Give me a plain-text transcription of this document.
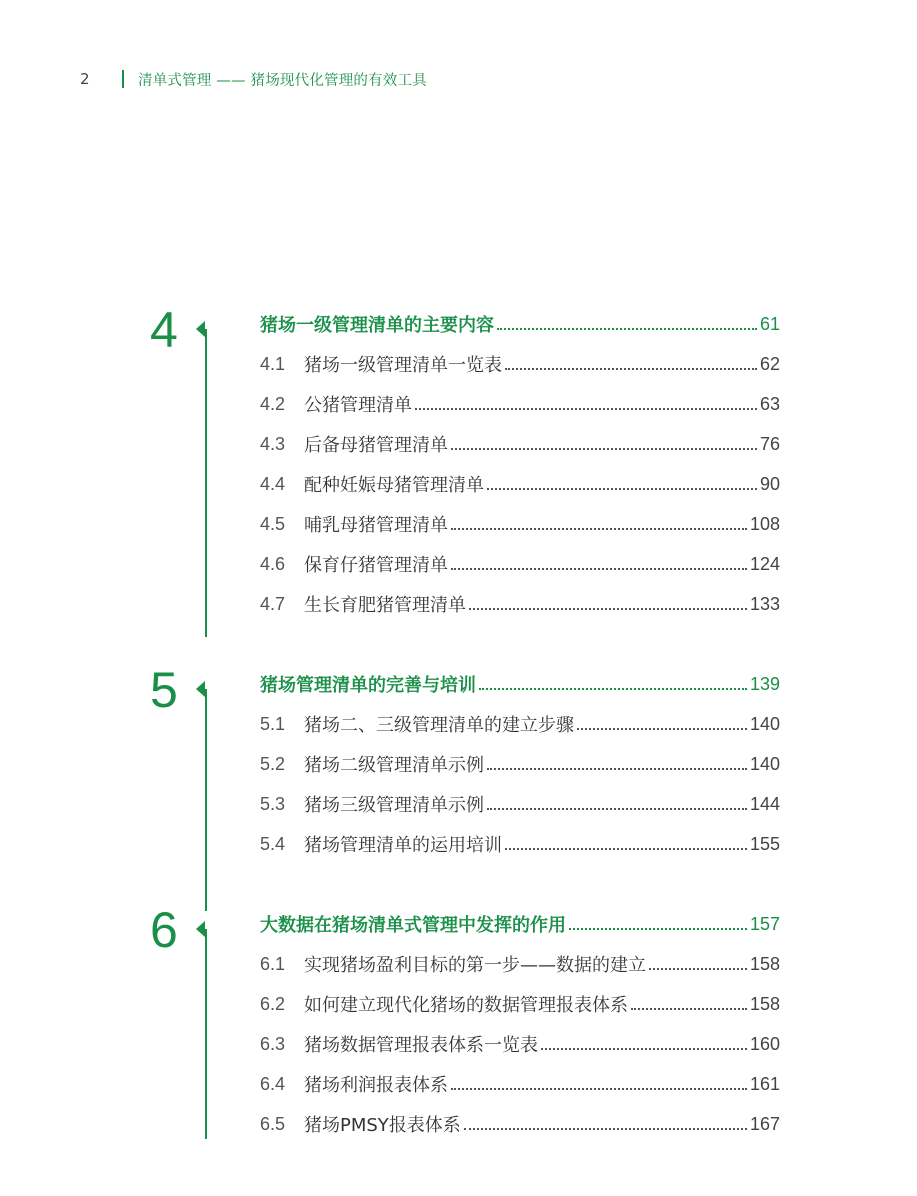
2	清单式管理 —— 猪场现代化管理的有效工具
4	猪场一级管理清单的主要内容	61
4.1	猪场一级管理清单一览表	62
4.2	公猪管理清单	63
4.3	后备母猪管理清单	76
4.4	配种妊娠母猪管理清单	90
4.5	哺乳母猪管理清单	108
4.6	保育仔猪管理清单	124
4.7	生长育肥猪管理清单	133
5	猪场管理清单的完善与培训	139
5.1	猪场二、三级管理清单的建立步骤	140
5.2	猪场二级管理清单示例	140
5.3	猪场三级管理清单示例	144
5.4	猪场管理清单的运用培训	155
6	大数据在猪场清单式管理中发挥的作用	157
6.1	实现猪场盈利目标的第一步——数据的建立	158
6.2	如何建立现代化猪场的数据管理报表体系	158
6.3	猪场数据管理报表体系一览表	160
6.4	猪场利润报表体系	161
6.5	猪场PMSY报表体系	167
